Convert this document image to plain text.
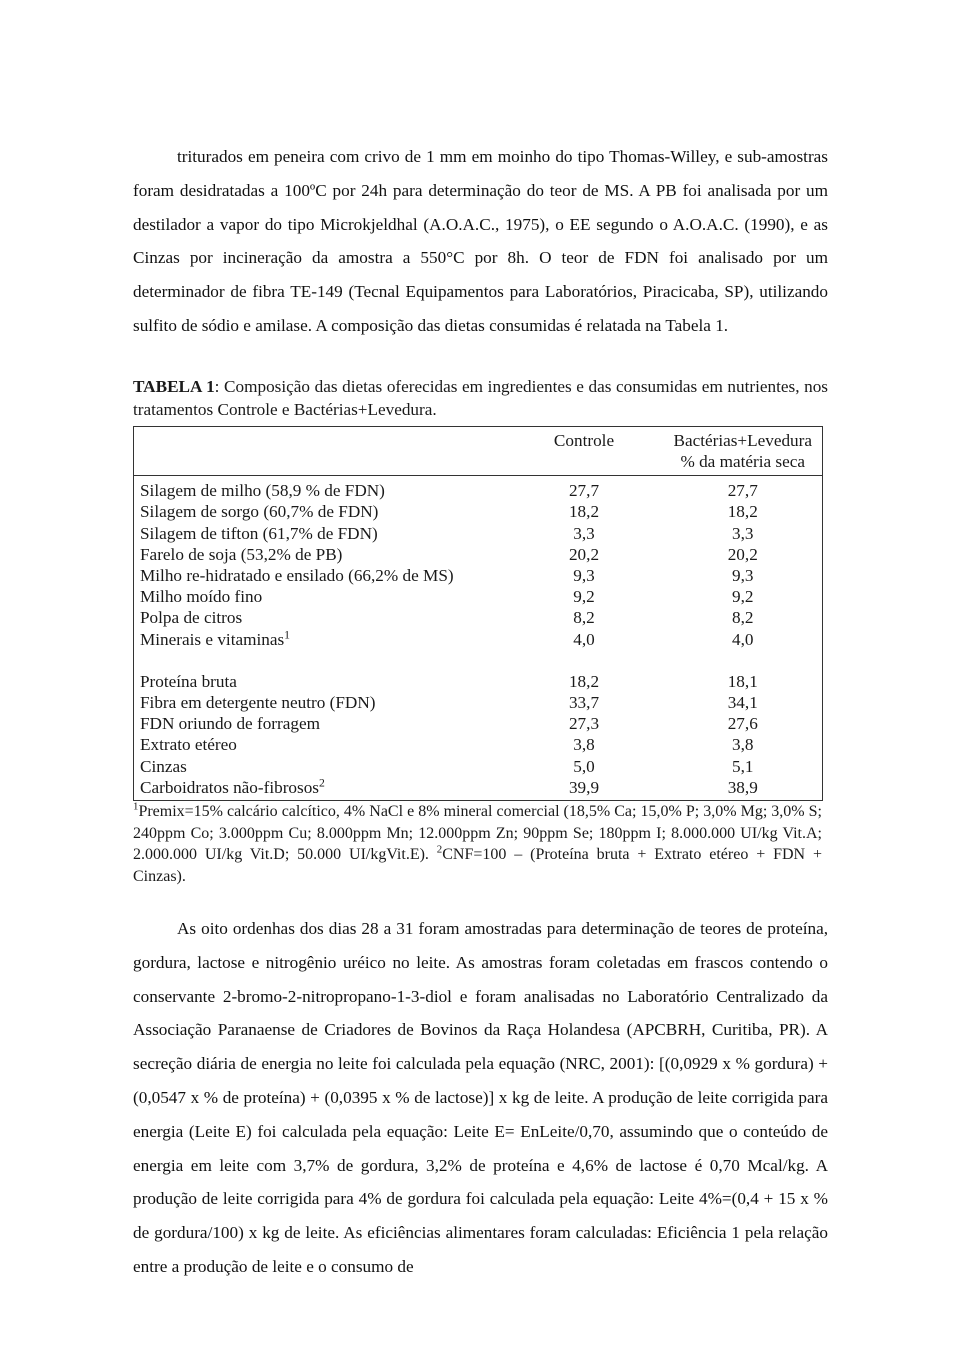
triturados em peneira com crivo de 1 mm em moinho do tipo Thomas-Willey, e sub-amostras foram desidratadas a 100ºC por 24h para determinação do teor de MS. A PB foi analisada por um destilador a vapor do tipo Microkjeldhal (A.O.A.C., 1975), o EE segundo o A.O.A.C. (1990), e as Cinzas por incineração da amostra a 550°C por 8h. O teor de FDN foi analisado por um determinador de fibra TE-149 (Tecnal Equipamentos para Laboratórios, Piracicaba, SP), utilizando sulfito de sódio e amilase. A composição das dietas consumidas é relatada na Tabela 1.

TABELA 1: Composição das dietas oferecidas em ingredientes e das consumidas em nutrientes, nos tratamentos Controle e Bactérias+Levedura.

	Controle	Bactérias+Levedura
		% da matéria seca
Silagem de milho (58,9 % de FDN)	27,7	27,7
Silagem de sorgo (60,7% de FDN)	18,2	18,2
Silagem de tifton (61,7% de FDN)	3,3	3,3
Farelo de soja (53,2% de PB)	20,2	20,2
Milho re-hidratado e ensilado (66,2% de MS)	9,3	9,3
Milho moído fino	9,2	9,2
Polpa de citros	8,2	8,2
Minerais e vitaminas$^1$	4,0	4,0

Proteína bruta	18,2	18,1
Fibra em detergente neutro (FDN)	33,7	34,1
FDN oriundo de forragem	27,3	27,6
Extrato etéreo	3,8	3,8
Cinzas	5,0	5,1
Carboidratos não-fibrosos$^2$	39,9	38,9

$^1$Premix=15% calcário calcítico, 4% NaCl e 8% mineral comercial (18,5% Ca; 15,0% P; 3,0% Mg; 3,0% S; 240ppm Co; 3.000ppm Cu; 8.000ppm Mn; 12.000ppm Zn; 90ppm Se; 180ppm I; 8.000.000 UI/kg Vit.A; 2.000.000 UI/kg Vit.D; 50.000 UI/kgVit.E). $^2$CNF=100 – (Proteína bruta + Extrato etéreo + FDN + Cinzas).

As oito ordenhas dos dias 28 a 31 foram amostradas para determinação de teores de proteína, gordura, lactose e nitrogênio uréico no leite. As amostras foram coletadas em frascos contendo o conservante 2-bromo-2-nitropropano-1-3-diol e foram analisadas no Laboratório Centralizado da Associação Paranaense de Criadores de Bovinos da Raça Holandesa (APCBRH, Curitiba, PR). A secreção diária de energia no leite foi calculada pela equação (NRC, 2001): [(0,0929 x % gordura) + (0,0547 x % de proteína) + (0,0395 x % de lactose)] x kg de leite. A produção de leite corrigida para energia (Leite E) foi calculada pela equação: Leite E= EnLeite/0,70, assumindo que o conteúdo de energia em leite com 3,7% de gordura, 3,2% de proteína e 4,6% de lactose é 0,70 Mcal/kg. A produção de leite corrigida para 4% de gordura foi calculada pela equação: Leite 4%=(0,4 + 15 x % de gordura/100) x kg de leite. As eficiências alimentares foram calculadas: Eficiência 1 pela relação entre a produção de leite e o consumo de
